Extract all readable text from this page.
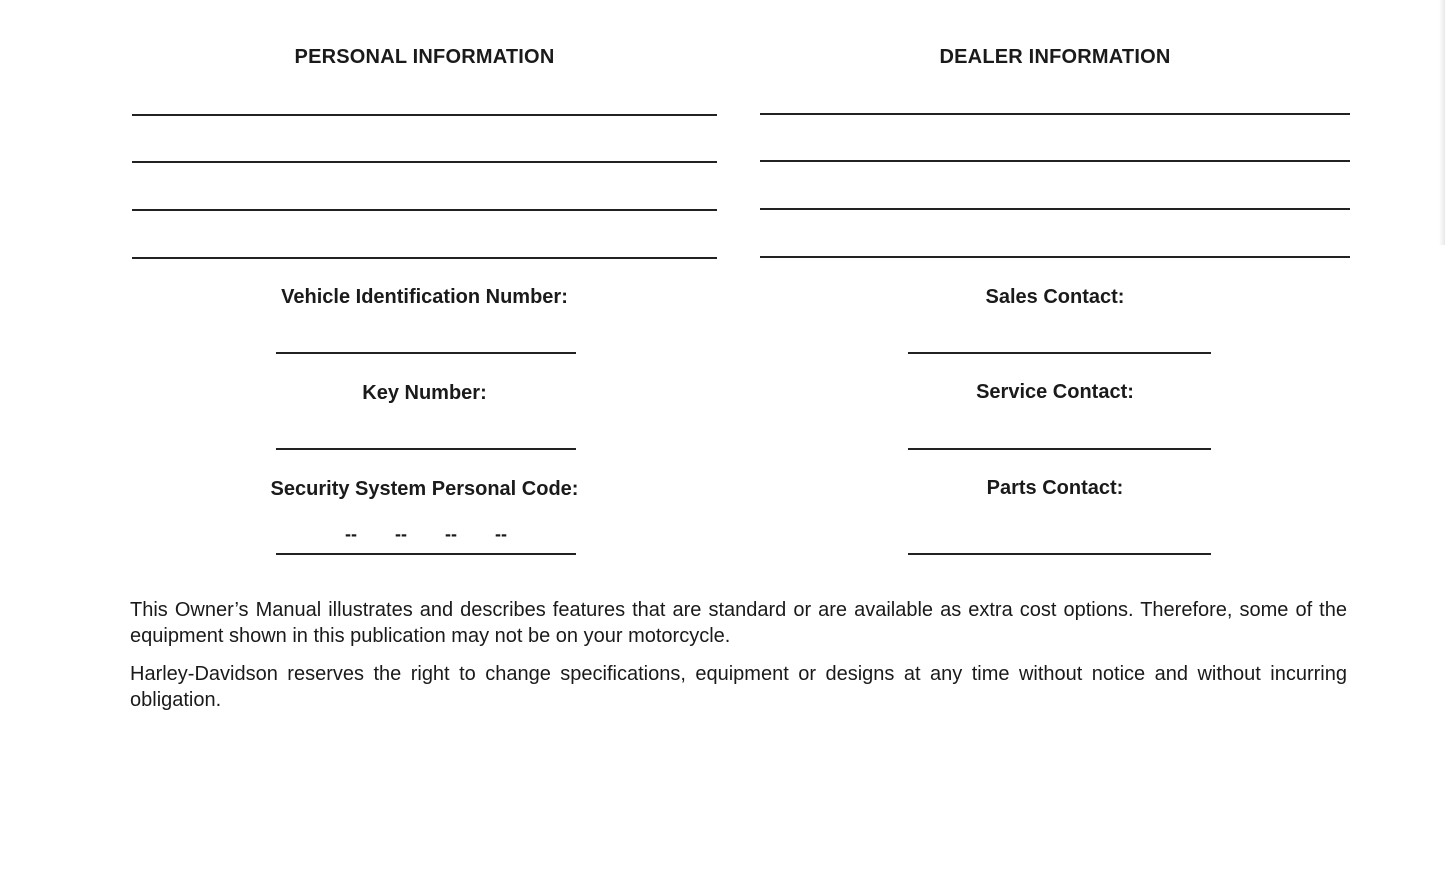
PERSONAL INFORMATION
Vehicle Identification Number:
Key Number:
Security System Personal Code:
-- -- -- --
DEALER INFORMATION
Sales Contact:
Service Contact:
Parts Contact:

This Owner’s Manual illustrates and describes features that are standard or are available as extra cost options. Therefore, some of the equipment shown in this publication may not be on your motorcycle.

Harley-Davidson reserves the right to change specifications, equipment or designs at any time without notice and without incurring obligation.
